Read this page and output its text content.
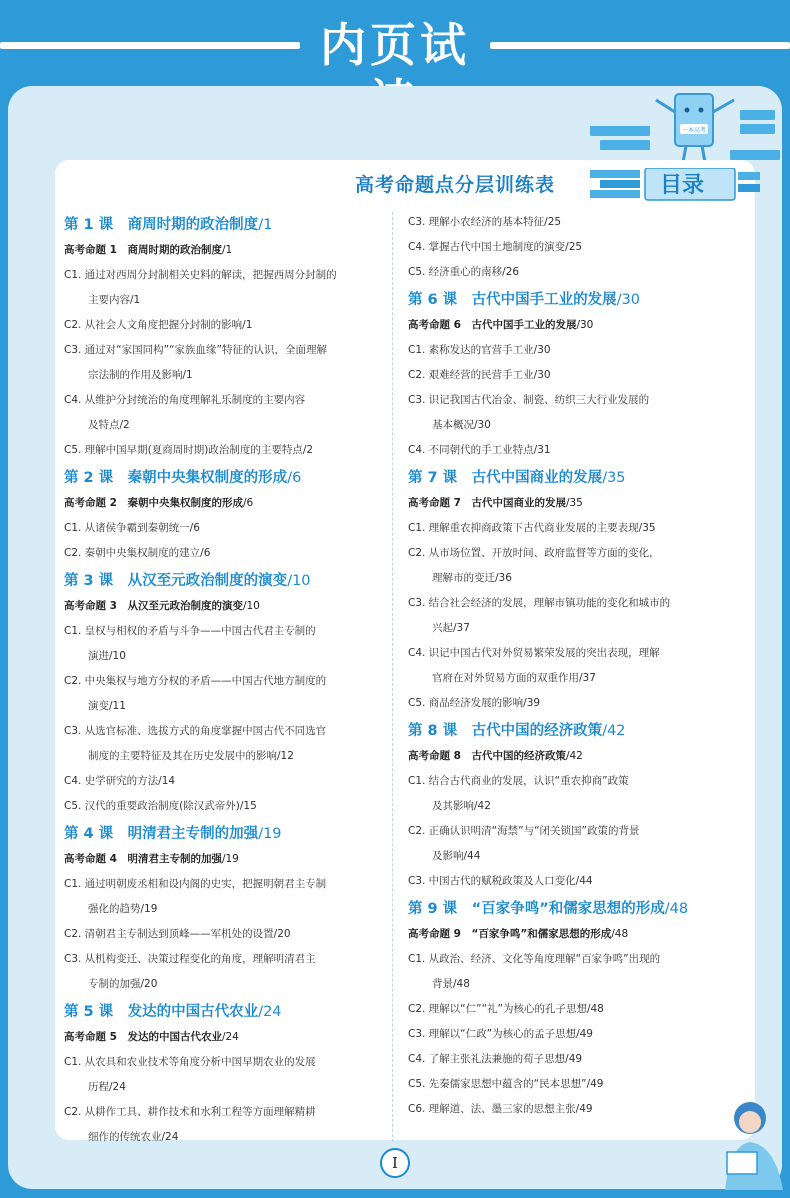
内页试
一本高考
高考命题点分层训练表	目录
第 1 课　商周时期的政治制度/1
高考命题 1　商周时期的政治制度/1
C1. 通过对西周分封制相关史料的解读，把握西周分封制的
主要内容/1
C2. 从社会人文角度把握分封制的影响/1
C3. 通过对“家国同构”“家族血缘”特征的认识，全面理解
宗法制的作用及影响/1
C4. 从维护分封统治的角度理解礼乐制度的主要内容
及特点/2
C5. 理解中国早期(夏商周时期)政治制度的主要特点/2
第 2 课　秦朝中央集权制度的形成/6
高考命题 2　秦朝中央集权制度的形成/6
C1. 从诸侯争霸到秦朝统一/6
C2. 秦朝中央集权制度的建立/6
第 3 课　从汉至元政治制度的演变/10
高考命题 3　从汉至元政治制度的演变/10
C1. 皇权与相权的矛盾与斗争——中国古代君主专制的
演进/10
C2. 中央集权与地方分权的矛盾——中国古代地方制度的
演变/11
C3. 从选官标准、选拔方式的角度掌握中国古代不同选官
制度的主要特征及其在历史发展中的影响/12
C4. 史学研究的方法/14
C5. 汉代的重要政治制度(除汉武帝外)/15
第 4 课　明清君主专制的加强/19
高考命题 4　明清君主专制的加强/19
C1. 通过明朝废丞相和设内阁的史实，把握明朝君主专制
强化的趋势/19
C2. 清朝君主专制达到顶峰——军机处的设置/20
C3. 从机构变迁、决策过程变化的角度，理解明清君主
专制的加强/20
第 5 课　发达的中国古代农业/24
高考命题 5　发达的中国古代农业/24
C1. 从农具和农业技术等角度分析中国早期农业的发展
历程/24
C2. 从耕作工具、耕作技术和水利工程等方面理解精耕
细作的传统农业/24
C3. 理解小农经济的基本特征/25
C4. 掌握古代中国土地制度的演变/25
C5. 经济重心的南移/26
第 6 课　古代中国手工业的发展/30
高考命题 6　古代中国手工业的发展/30
C1. 素称发达的官营手工业/30
C2. 艰难经营的民营手工业/30
C3. 识记我国古代冶金、制瓷、纺织三大行业发展的
基本概况/30
C4. 不同朝代的手工业特点/31
第 7 课　古代中国商业的发展/35
高考命题 7　古代中国商业的发展/35
C1. 理解重农抑商政策下古代商业发展的主要表现/35
C2. 从市场位置、开放时间、政府监督等方面的变化，
理解市的变迁/36
C3. 结合社会经济的发展，理解市镇功能的变化和城市的
兴起/37
C4. 识记中国古代对外贸易繁荣发展的突出表现，理解
官府在对外贸易方面的双重作用/37
C5. 商品经济发展的影响/39
第 8 课　古代中国的经济政策/42
高考命题 8　古代中国的经济政策/42
C1. 结合古代商业的发展，认识“重农抑商”政策
及其影响/42
C2. 正确认识明清“海禁”与“闭关锁国”政策的背景
及影响/44
C3. 中国古代的赋税政策及人口变化/44
第 9 课　“百家争鸣”和儒家思想的形成/48
高考命题 9　“百家争鸣”和儒家思想的形成/48
C1. 从政治、经济、文化等角度理解“百家争鸣”出现的
背景/48
C2. 理解以“仁”“礼”为核心的孔子思想/48
C3. 理解以“仁政”为核心的孟子思想/49
C4. 了解主张礼法兼施的荀子思想/49
C5. 先秦儒家思想中蕴含的“民本思想”/49
C6. 理解道、法、墨三家的思想主张/49
I
